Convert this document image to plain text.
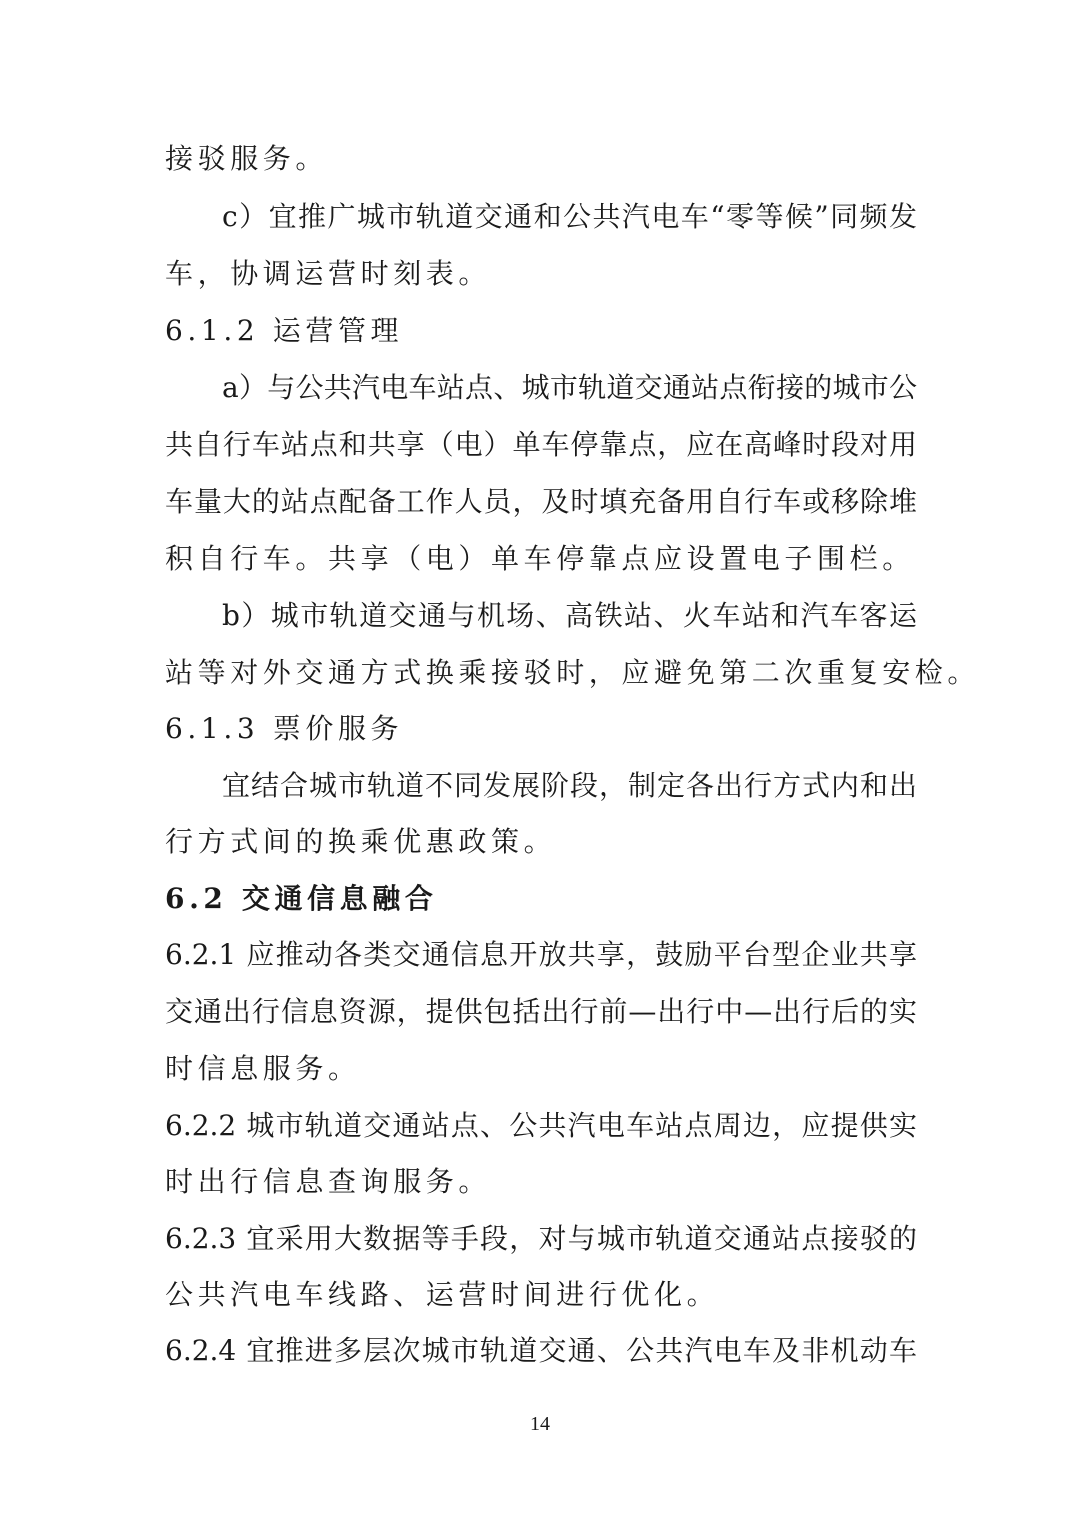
接驳服务。
c）宜推广城市轨道交通和公共汽电车“零等候”同频发
车，协调运营时刻表。
6.1.2 运营管理
a）与公共汽电车站点、城市轨道交通站点衔接的城市公
共自行车站点和共享（电）单车停靠点，应在高峰时段对用
车量大的站点配备工作人员，及时填充备用自行车或移除堆
积自行车。共享（电）单车停靠点应设置电子围栏。
b）城市轨道交通与机场、高铁站、火车站和汽车客运
站等对外交通方式换乘接驳时，应避免第二次重复安检。
6.1.3 票价服务
宜结合城市轨道不同发展阶段，制定各出行方式内和出
行方式间的换乘优惠政策。
6.2 交通信息融合
6.2.1 应推动各类交通信息开放共享，鼓励平台型企业共享
交通出行信息资源，提供包括出行前—出行中—出行后的实
时信息服务。
6.2.2 城市轨道交通站点、公共汽电车站点周边，应提供实
时出行信息查询服务。
6.2.3 宜采用大数据等手段，对与城市轨道交通站点接驳的
公共汽电车线路、运营时间进行优化。
6.2.4 宜推进多层次城市轨道交通、公共汽电车及非机动车
14
